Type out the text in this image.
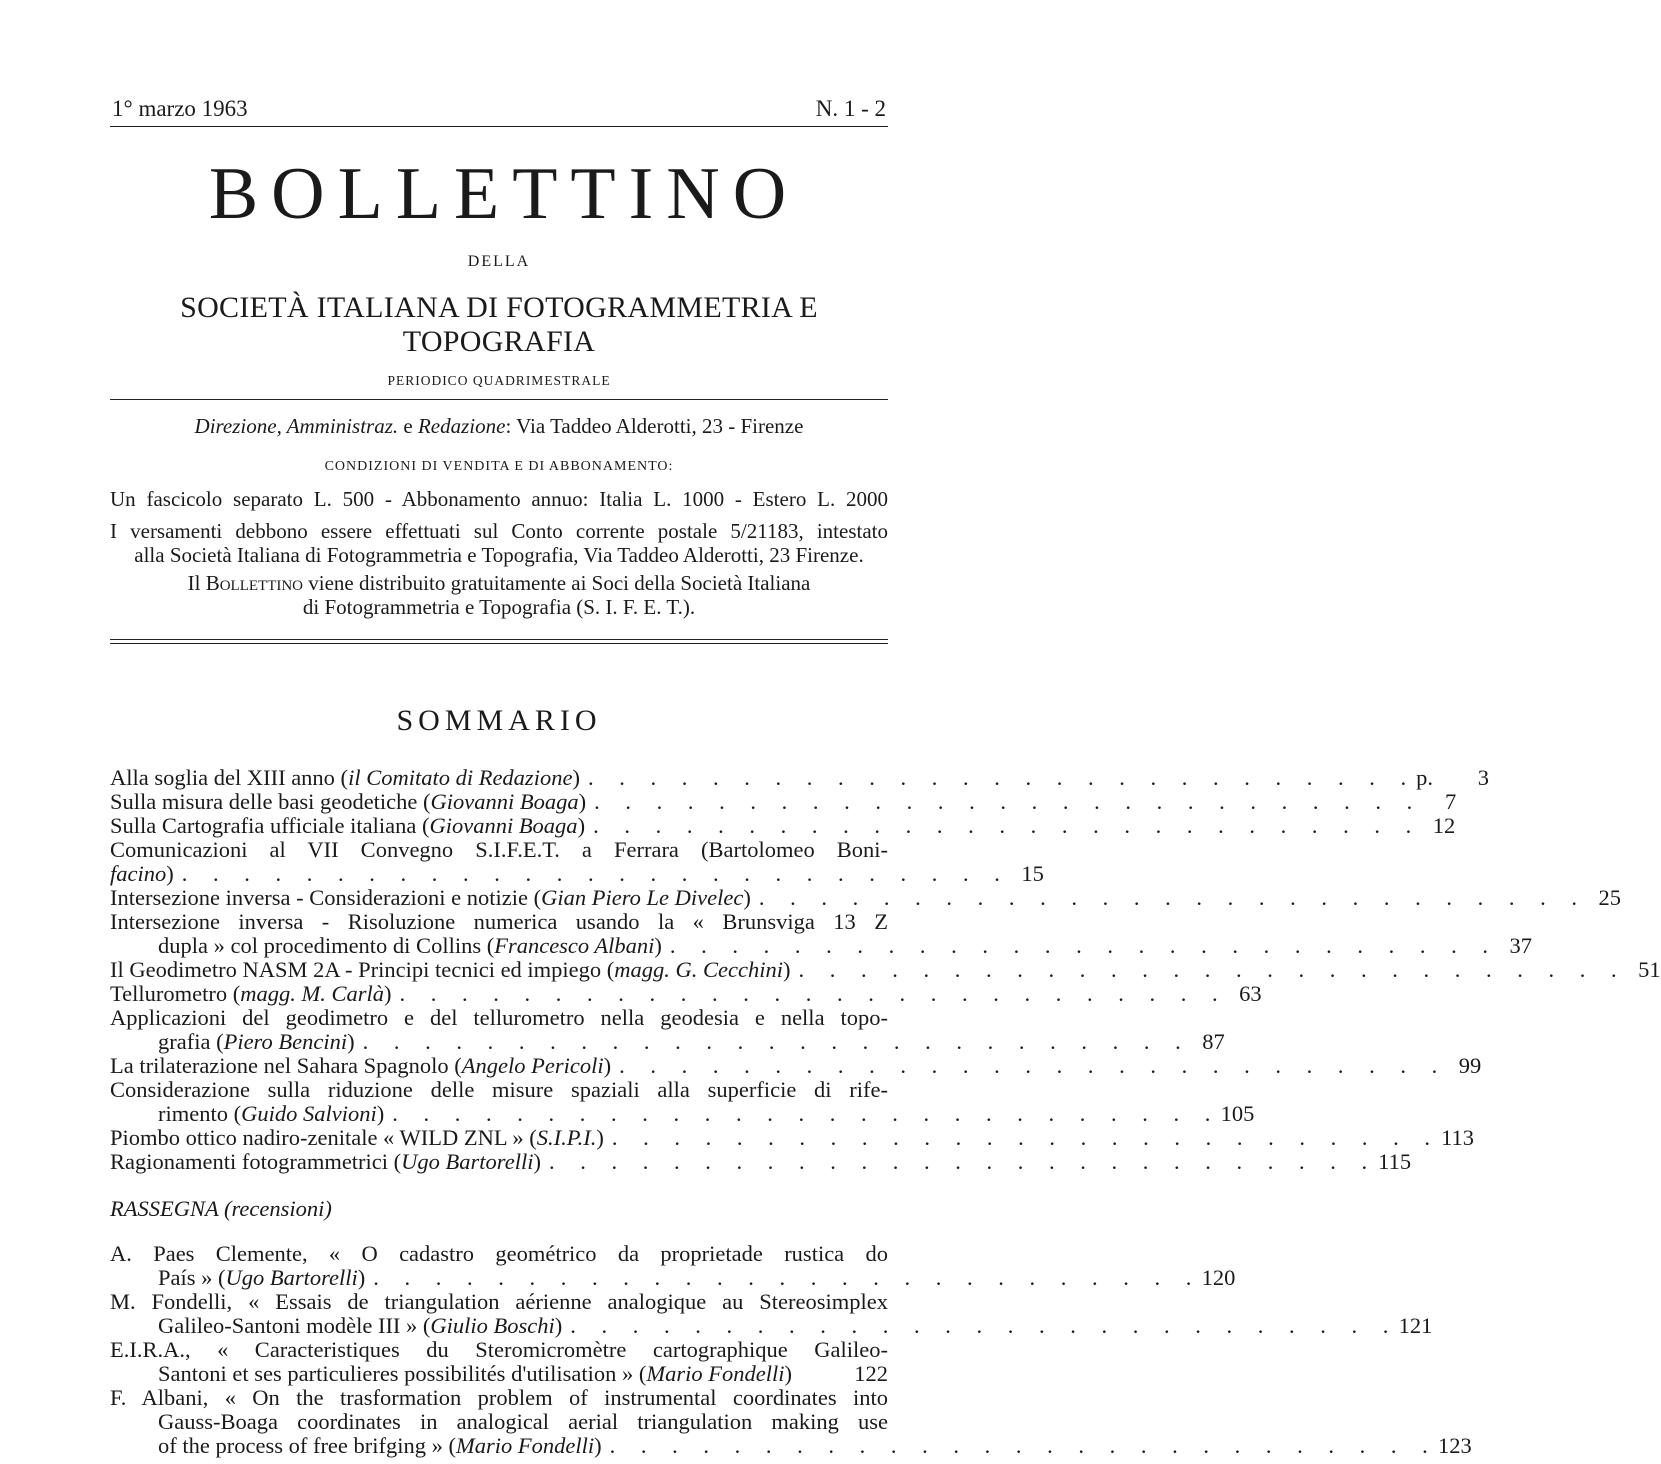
1° marzo 1963	N. 1 - 2
BOLLETTINO
DELLA
SOCIETÀ ITALIANA DI FOTOGRAMMETRIA E TOPOGRAFIA
PERIODICO QUADRIMESTRALE
Direzione, Amministraz. e Redazione: Via Taddeo Alderotti, 23 - Firenze
CONDIZIONI DI VENDITA E DI ABBONAMENTO:
Un fascicolo separato L. 500 - Abbonamento annuo: Italia L. 1000 - Estero L. 2000
I versamenti debbono essere effettuati sul Conto corrente postale 5/21183, intestato
alla Società Italiana di Fotogrammetria e Topografia, Via Taddeo Alderotti, 23 Firenze.
Il Bollettino viene distribuito gratuitamente ai Soci della Società Italiana
di Fotogrammetria e Topografia (S. I. F. E. T.).
SOMMARIO
Alla soglia del XIII anno (il Comitato di Redazione) . . . . . . . . . . . . . . . . . . . . . . . . . . . p.	3
Sulla misura delle basi geodetiche (Giovanni Boaga) . . . . . . . . . . . . . . . . . . . . . . . . . . .	7
Sulla Cartografia ufficiale italiana (Giovanni Boaga) . . . . . . . . . . . . . . . . . . . . . . . . . . . 12
Comunicazioni al VII Convegno S.I.F.E.T. a Ferrara (Bartolomeo Boni-
facino) . . . . . . . . . . . . . . . . . . . . . . . . . . . 15
Intersezione inversa - Considerazioni e notizie (Gian Piero Le Divelec) . . . . . . . . . . . . . . . . . . . . . . . . . . . 25
Intersezione inversa - Risoluzione numerica usando la « Brunsviga 13 Z
dupla » col procedimento di Collins (Francesco Albani) . . . . . . . . . . . . . . . . . . . . . . . . . . . 37
Il Geodimetro NASM 2A - Principi tecnici ed impiego (magg. G. Cecchini) . . . . . . . . . . . . . . . . . . . . . . . . . . . 51
Tellurometro (magg. M. Carlà) . . . . . . . . . . . . . . . . . . . . . . . . . . . 63
Applicazioni del geodimetro e del tellurometro nella geodesia e nella topo-
grafia (Piero Bencini) . . . . . . . . . . . . . . . . . . . . . . . . . . . 87
La trilaterazione nel Sahara Spagnolo (Angelo Pericoli) . . . . . . . . . . . . . . . . . . . . . . . . . . . 99
Considerazione sulla riduzione delle misure spaziali alla superficie di rife-
rimento (Guido Salvioni) . . . . . . . . . . . . . . . . . . . . . . . . . . . 105
Piombo ottico nadiro-zenitale « WILD ZNL » (S.I.P.I.) . . . . . . . . . . . . . . . . . . . . . . . . . . . 113
Ragionamenti fotogrammetrici (Ugo Bartorelli) . . . . . . . . . . . . . . . . . . . . . . . . . . . 115
RASSEGNA (recensioni)
A. Paes Clemente, « O cadastro geométrico da proprietade rustica do
País » (Ugo Bartorelli) . . . . . . . . . . . . . . . . . . . . . . . . . . . 120
M. Fondelli, « Essais de triangulation aérienne analogique au Stereosimplex
Galileo-Santoni modèle III » (Giulio Boschi) . . . . . . . . . . . . . . . . . . . . . . . . . . . 121
E.I.R.A., « Caracteristiques du Steromicromètre cartographique Galileo-
Santoni et ses particulieres possibilités d'utilisation » (Mario Fondelli)	122
F. Albani, « On the trasformation problem of instrumental coordinates into
Gauss-Boaga coordinates in analogical aerial triangulation making use
of the process of free brifging » (Mario Fondelli) . . . . . . . . . . . . . . . . . . . . . . . . . . . 123
